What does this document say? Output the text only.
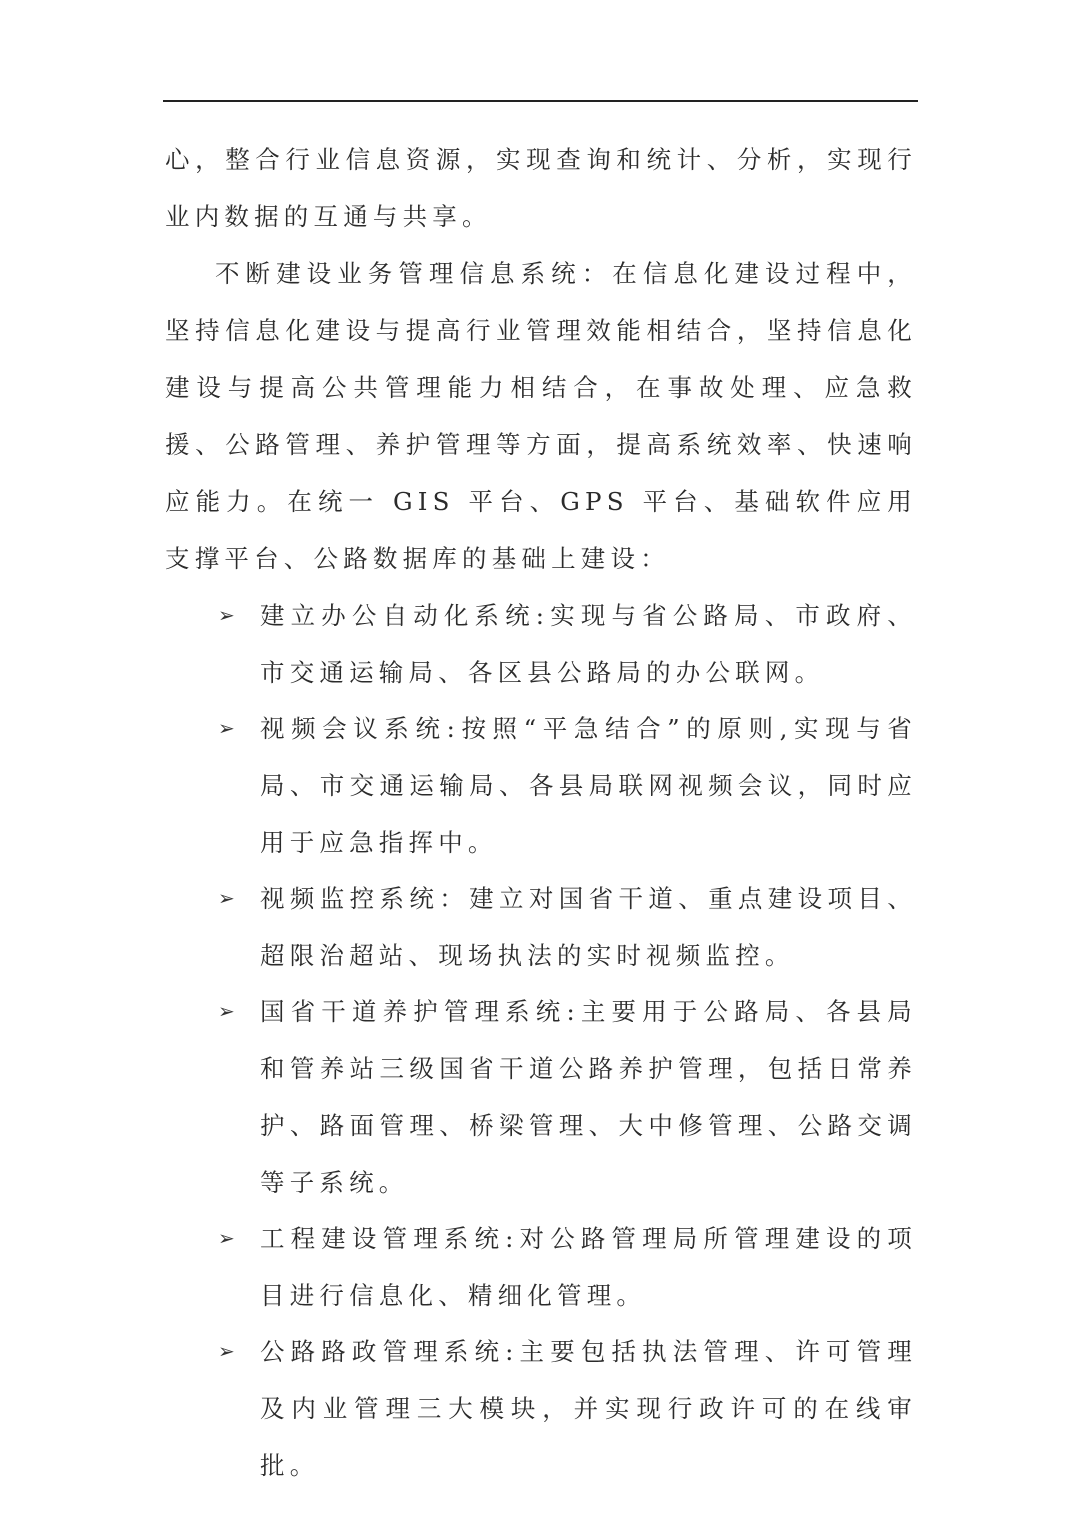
心，整合行业信息资源，实现查询和统计、分析，实现行业内数据的互通与共享。

不断建设业务管理信息系统：在信息化建设过程中，坚持信息化建设与提高行业管理效能相结合，坚持信息化建设与提高公共管理能力相结合，在事故处理、应急救援、公路管理、养护管理等方面，提高系统效率、快速响应能力。在统一 GIS 平台、GPS 平台、基础软件应用支撑平台、公路数据库的基础上建设：

➢ 建立办公自动化系统:实现与省公路局、市政府、市交通运输局、各区县公路局的办公联网。
➢ 视频会议系统:按照“平急结合”的原则,实现与省局、市交通运输局、各县局联网视频会议，同时应用于应急指挥中。
➢ 视频监控系统：建立对国省干道、重点建设项目、超限治超站、现场执法的实时视频监控。
➢ 国省干道养护管理系统:主要用于公路局、各县局和管养站三级国省干道公路养护管理，包括日常养护、路面管理、桥梁管理、大中修管理、公路交调等子系统。
➢ 工程建设管理系统:对公路管理局所管理建设的项目进行信息化、精细化管理。
➢ 公路路政管理系统:主要包括执法管理、许可管理及内业管理三大模块，并实现行政许可的在线审批。
